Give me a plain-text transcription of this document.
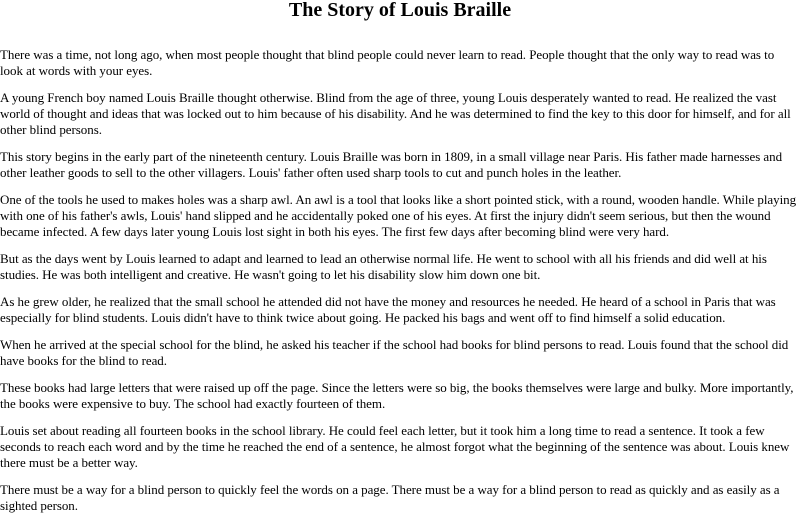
The Story of Louis Braille

There was a time, not long ago, when most people thought that blind people could never learn to read. People thought that the only way to read was to look at words with your eyes.

A young French boy named Louis Braille thought otherwise. Blind from the age of three, young Louis desperately wanted to read. He realized the vast world of thought and ideas that was locked out to him because of his disability. And he was determined to find the key to this door for himself, and for all other blind persons.

This story begins in the early part of the nineteenth century. Louis Braille was born in 1809, in a small village near Paris. His father made harnesses and other leather goods to sell to the other villagers. Louis' father often used sharp tools to cut and punch holes in the leather.

One of the tools he used to makes holes was a sharp awl. An awl is a tool that looks like a short pointed stick, with a round, wooden handle. While playing with one of his father's awls, Louis' hand slipped and he accidentally poked one of his eyes. At first the injury didn't seem serious, but then the wound became infected. A few days later young Louis lost sight in both his eyes. The first few days after becoming blind were very hard.

But as the days went by Louis learned to adapt and learned to lead an otherwise normal life. He went to school with all his friends and did well at his studies. He was both intelligent and creative. He wasn't going to let his disability slow him down one bit.

As he grew older, he realized that the small school he attended did not have the money and resources he needed. He heard of a school in Paris that was especially for blind students. Louis didn't have to think twice about going. He packed his bags and went off to find himself a solid education.

When he arrived at the special school for the blind, he asked his teacher if the school had books for blind persons to read. Louis found that the school did have books for the blind to read.

These books had large letters that were raised up off the page. Since the letters were so big, the books themselves were large and bulky. More importantly, the books were expensive to buy. The school had exactly fourteen of them.

Louis set about reading all fourteen books in the school library. He could feel each letter, but it took him a long time to read a sentence. It took a few seconds to reach each word and by the time he reached the end of a sentence, he almost forgot what the beginning of the sentence was about. Louis knew there must be a better way.

There must be a way for a blind person to quickly feel the words on a page. There must be a way for a blind person to read as quickly and as easily as a sighted person.
